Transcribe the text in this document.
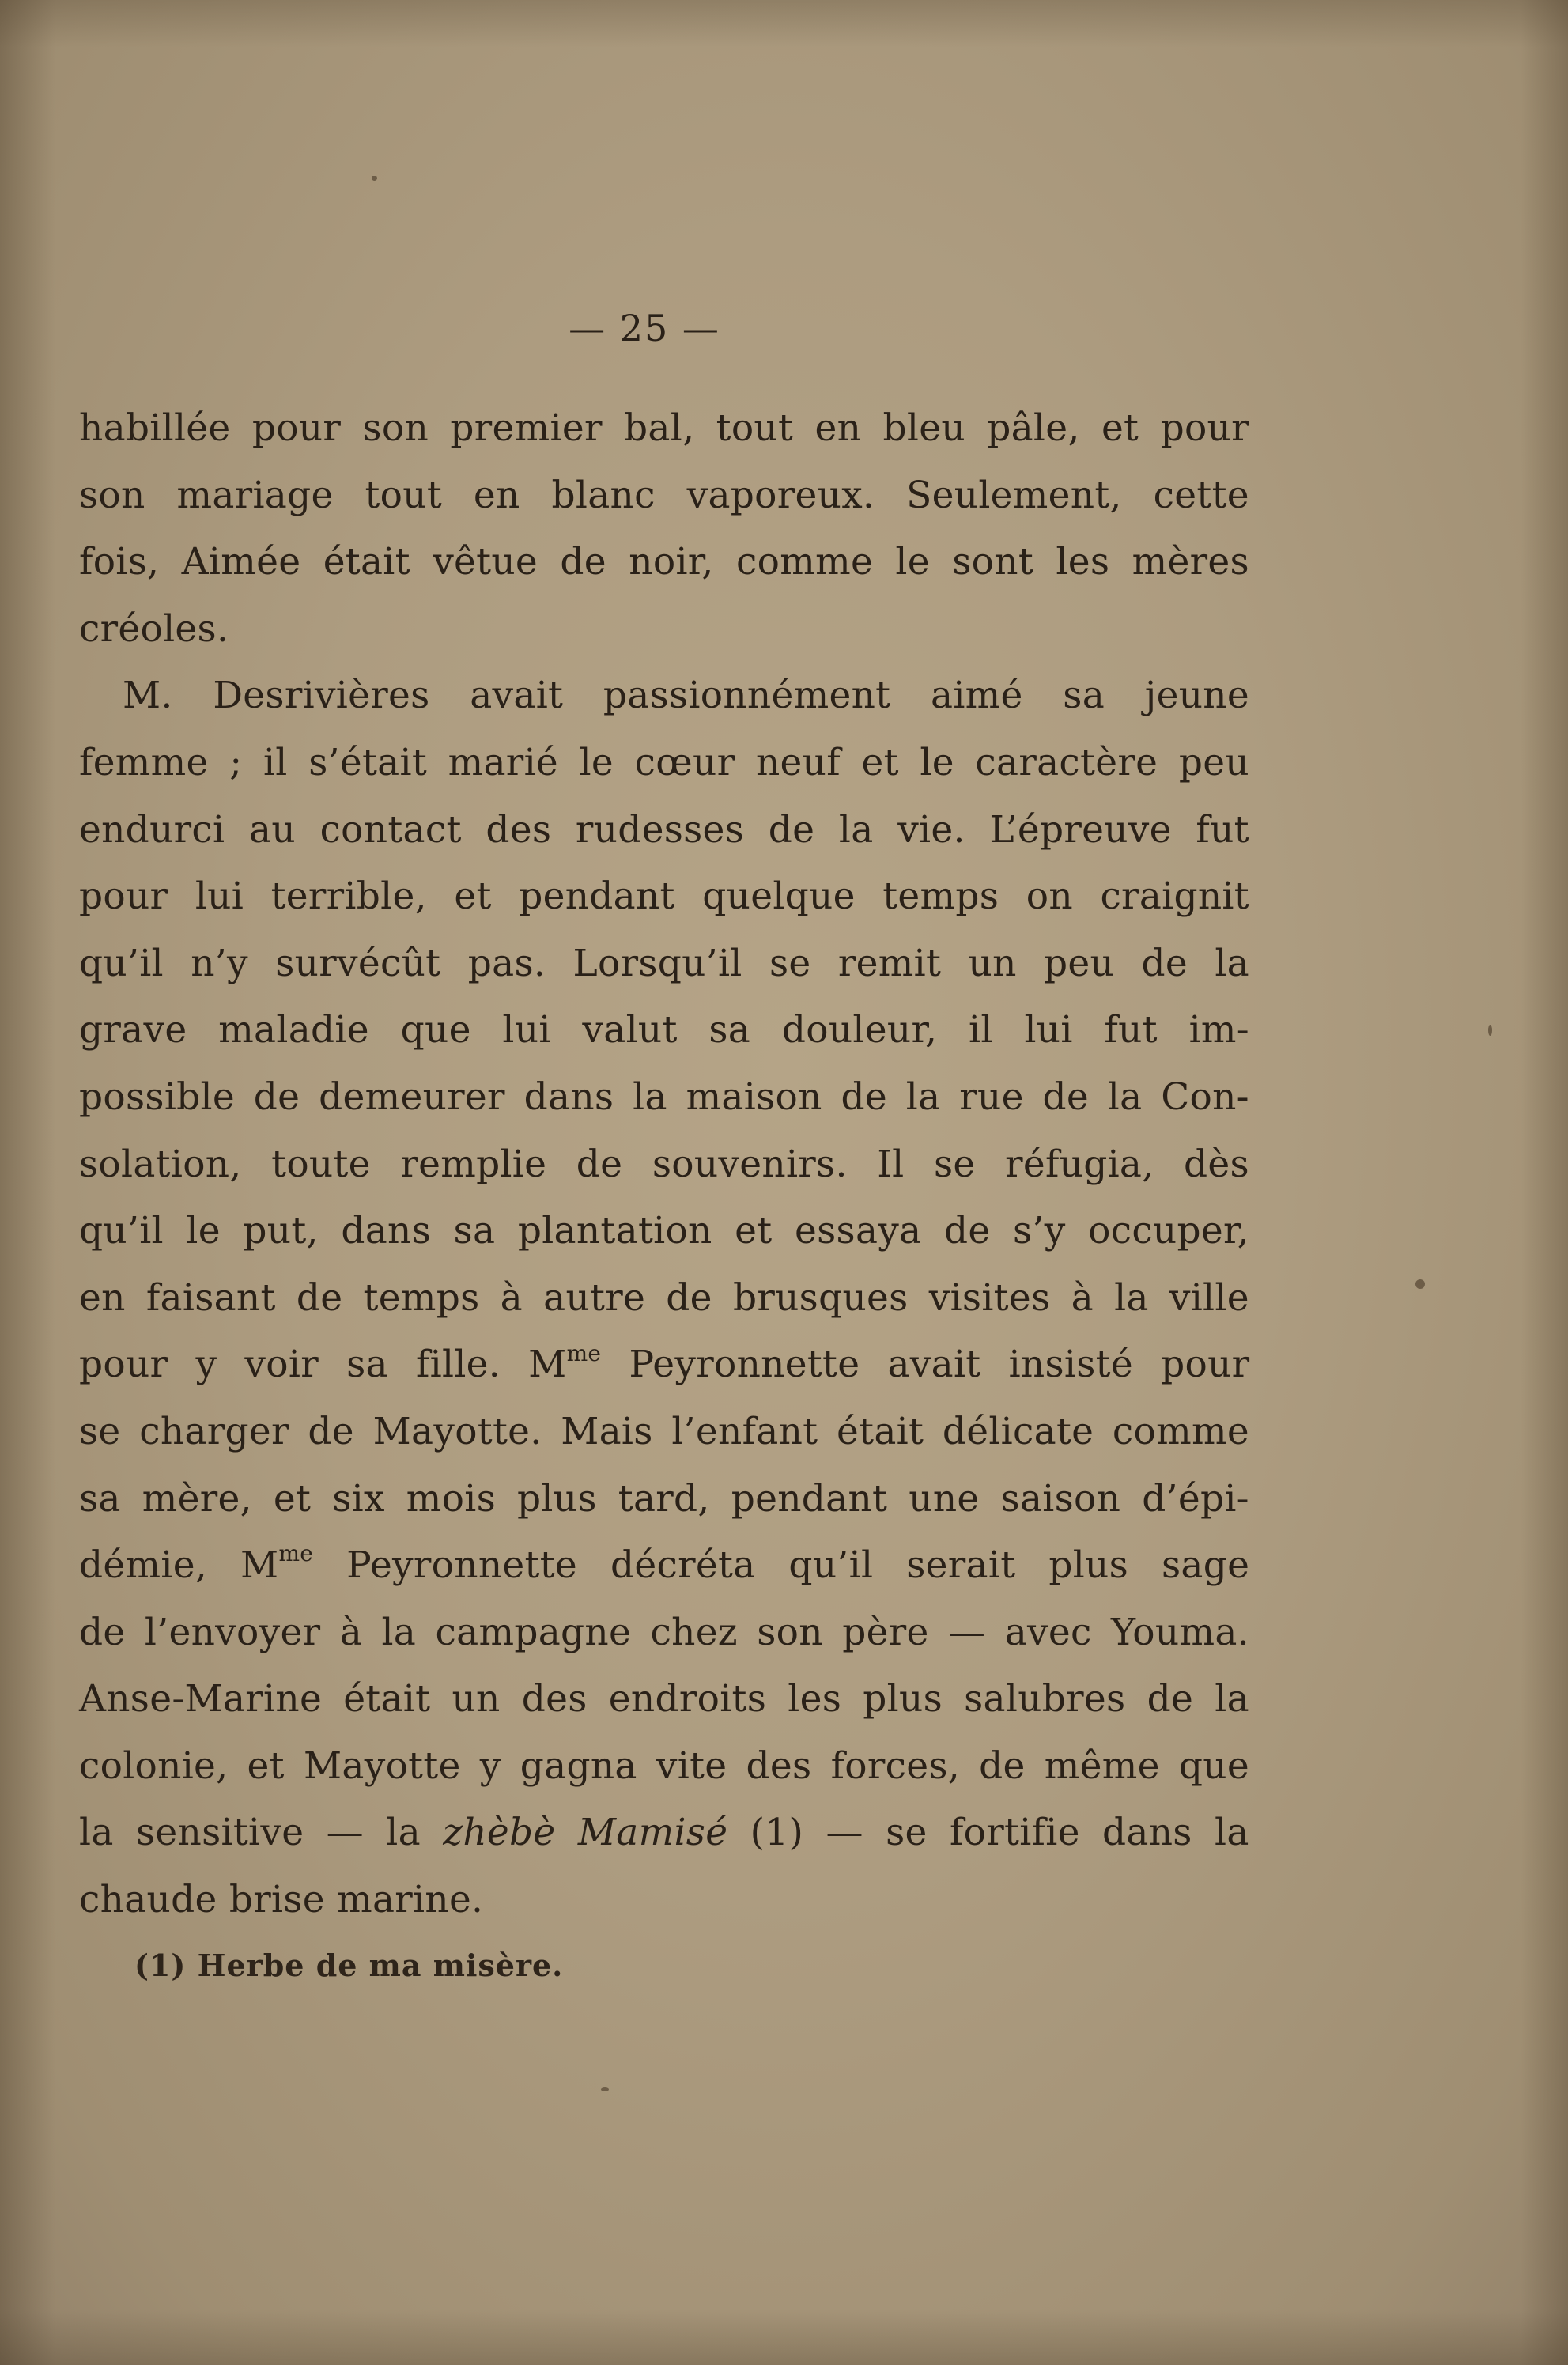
— 25 —
habillée pour son premier bal, tout en bleu pâle, et pour
son mariage tout en blanc vaporeux. Seulement, cette
fois, Aimée était vêtue de noir, comme le sont les mères
créoles.
M. Desrivières avait passionnément aimé sa jeune
femme ; il s’était marié le cœur neuf et le caractère peu
endurci au contact des rudesses de la vie. L’épreuve fut
pour lui terrible, et pendant quelque temps on craignit
qu’il n’y survécût pas. Lorsqu’il se remit un peu de la
grave maladie que lui valut sa douleur, il lui fut im-
possible de demeurer dans la maison de la rue de la Con-
solation, toute remplie de souvenirs. Il se réfugia, dès
qu’il le put, dans sa plantation et essaya de s’y occuper,
en faisant de temps à autre de brusques visites à la ville
pour y voir sa fille. $M^{me}$ Peyronnette avait insisté pour
se charger de Mayotte. Mais l’enfant était délicate comme
sa mère, et six mois plus tard, pendant une saison d’épi-
démie, $M^{me}$ Peyronnette décréta qu’il serait plus sage
de l’envoyer à la campagne chez son père — avec Youma.
Anse-Marine était un des endroits les plus salubres de la
colonie, et Mayotte y gagna vite des forces, de même que
la sensitive — la zhèbè Mamisé (1) — se fortifie dans la
chaude brise marine.
(1) Herbe de ma misère.
